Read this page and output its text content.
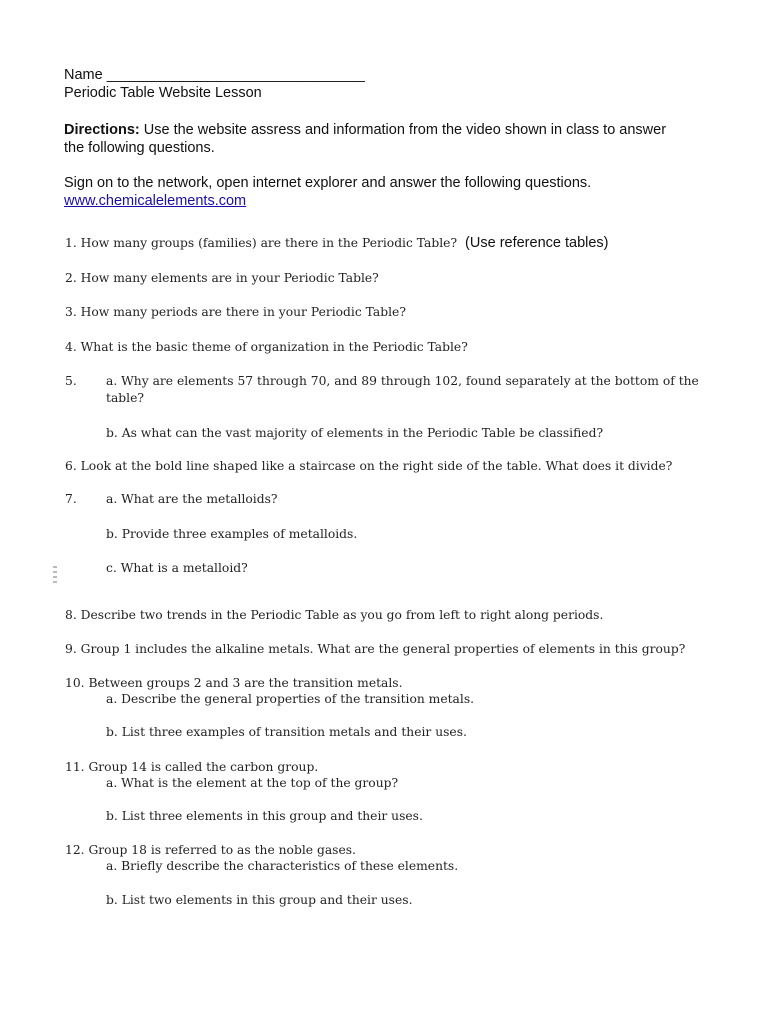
Name ________________________________
Periodic Table Website Lesson
Directions: Use the website assress and information from the video shown in class to answer
the following questions.
Sign on to the network, open internet explorer and answer the following questions.
www.chemicalelements.com
1. How many groups (families) are there in the Periodic Table? (Use reference tables)
2. How many elements are in your Periodic Table?
3. How many periods are there in your Periodic Table?
4. What is the basic theme of organization in the Periodic Table?
5. a. Why are elements 57 through 70, and 89 through 102, found separately at the bottom of the
table?
b. As what can the vast majority of elements in the Periodic Table be classified?
6. Look at the bold line shaped like a staircase on the right side of the table. What does it divide?
7. a. What are the metalloids?
b. Provide three examples of metalloids.
c. What is a metalloid?
8. Describe two trends in the Periodic Table as you go from left to right along periods.
9. Group 1 includes the alkaline metals. What are the general properties of elements in this group?
10. Between groups 2 and 3 are the transition metals.
a. Describe the general properties of the transition metals.
b. List three examples of transition metals and their uses.
11. Group 14 is called the carbon group.
a. What is the element at the top of the group?
b. List three elements in this group and their uses.
12. Group 18 is referred to as the noble gases.
a. Briefly describe the characteristics of these elements.
b. List two elements in this group and their uses.
